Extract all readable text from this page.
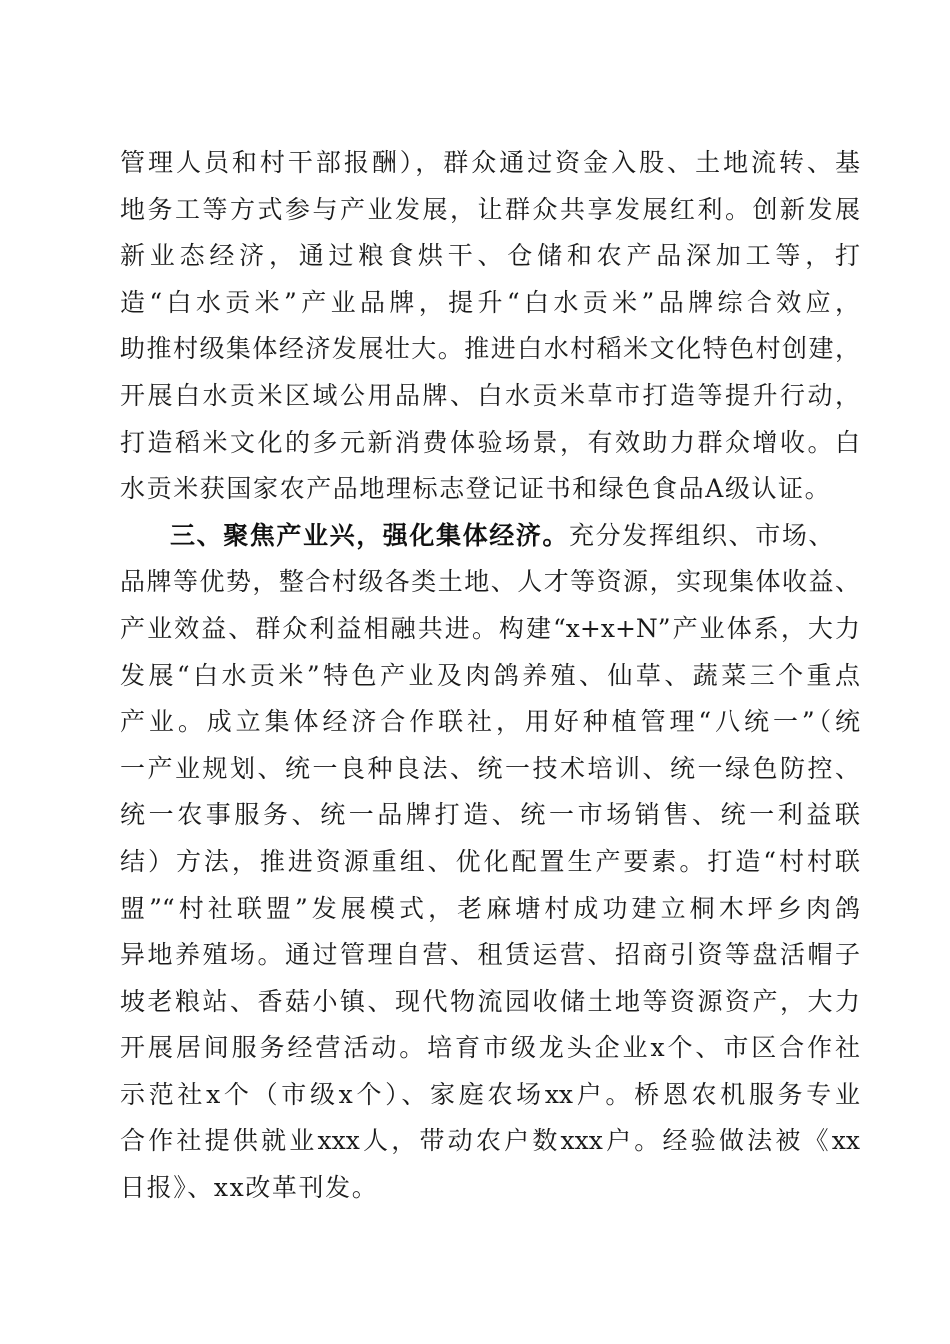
管理人员和村干部报酬），群众通过资金入股、土地流转、基
地务工等方式参与产业发展，让群众共享发展红利。创新发展
新业态经济，通过粮食烘干、仓储和农产品深加工等，打
造“白水贡米”产业品牌，提升“白水贡米”品牌综合效应，
助推村级集体经济发展壮大。推进白水村稻米文化特色村创建，
开展白水贡米区域公用品牌、白水贡米草市打造等提升行动，
打造稻米文化的多元新消费体验场景，有效助力群众增收。白
水贡米获国家农产品地理标志登记证书和绿色食品A级认证。
三、聚焦产业兴，强化集体经济。充分发挥组织、市场、
品牌等优势，整合村级各类土地、人才等资源，实现集体收益、
产业效益、群众利益相融共进。构建“x+x+N”产业体系，大力
发展“白水贡米”特色产业及肉鸽养殖、仙草、蔬菜三个重点
产业。成立集体经济合作联社，用好种植管理“八统一”（统
一产业规划、统一良种良法、统一技术培训、统一绿色防控、
统一农事服务、统一品牌打造、统一市场销售、统一利益联
结）方法，推进资源重组、优化配置生产要素。打造“村村联
盟”“村社联盟”发展模式，老麻塘村成功建立桐木坪乡肉鸽
异地养殖场。通过管理自营、租赁运营、招商引资等盘活帽子
坡老粮站、香菇小镇、现代物流园收储土地等资源资产，大力
开展居间服务经营活动。培育市级龙头企业x个、市区合作社
示范社x个（市级x个）、家庭农场xx户。桥恩农机服务专业
合作社提供就业xxx人，带动农户数xxx户。经验做法被《xx
日报》、xx改革刊发。
